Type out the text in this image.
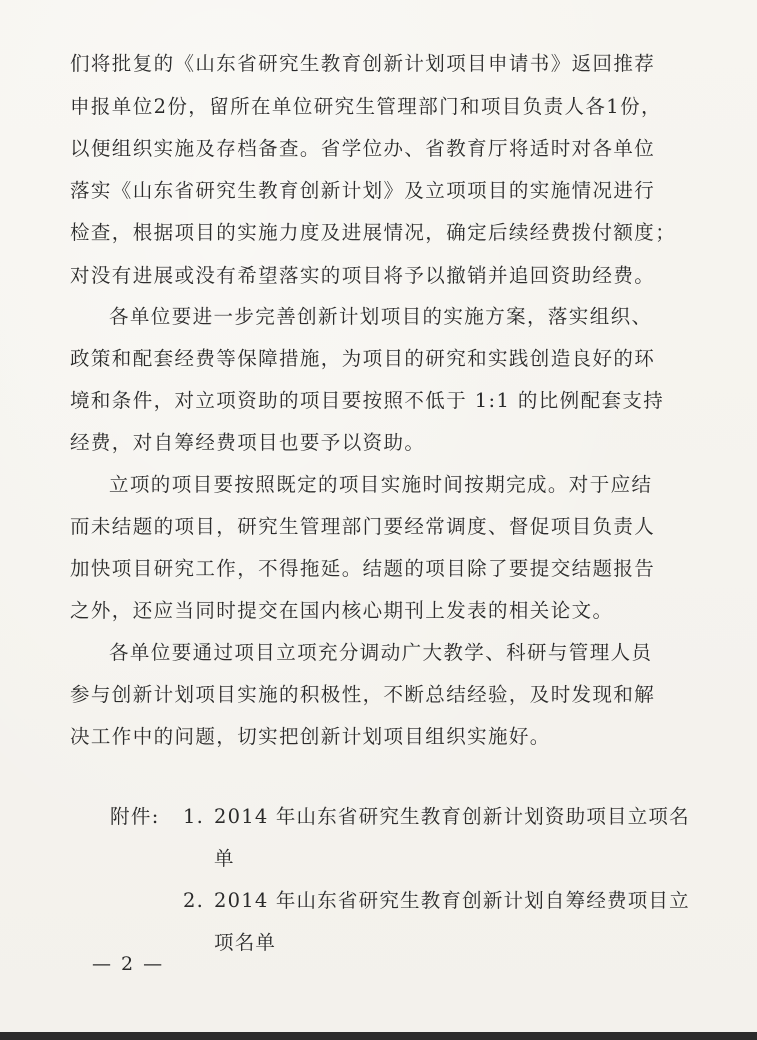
们将批复的《山东省研究生教育创新计划项目申请书》返回推荐
申报单位2份，留所在单位研究生管理部门和项目负责人各1份，
以便组织实施及存档备查。省学位办、省教育厅将适时对各单位
落实《山东省研究生教育创新计划》及立项项目的实施情况进行
检查，根据项目的实施力度及进展情况，确定后续经费拨付额度；
对没有进展或没有希望落实的项目将予以撤销并追回资助经费。
各单位要进一步完善创新计划项目的实施方案，落实组织、
政策和配套经费等保障措施，为项目的研究和实践创造良好的环
境和条件，对立项资助的项目要按照不低于 1:1 的比例配套支持
经费，对自筹经费项目也要予以资助。
立项的项目要按照既定的项目实施时间按期完成。对于应结
而未结题的项目，研究生管理部门要经常调度、督促项目负责人
加快项目研究工作，不得拖延。结题的项目除了要提交结题报告
之外，还应当同时提交在国内核心期刊上发表的相关论文。
各单位要通过项目立项充分调动广大教学、科研与管理人员
参与创新计划项目实施的积极性，不断总结经验，及时发现和解
决工作中的问题，切实把创新计划项目组织实施好。
附件: 1. 2014 年山东省研究生教育创新计划资助项目立项名
单
2. 2014 年山东省研究生教育创新计划自筹经费项目立
项名单
— 2 —
